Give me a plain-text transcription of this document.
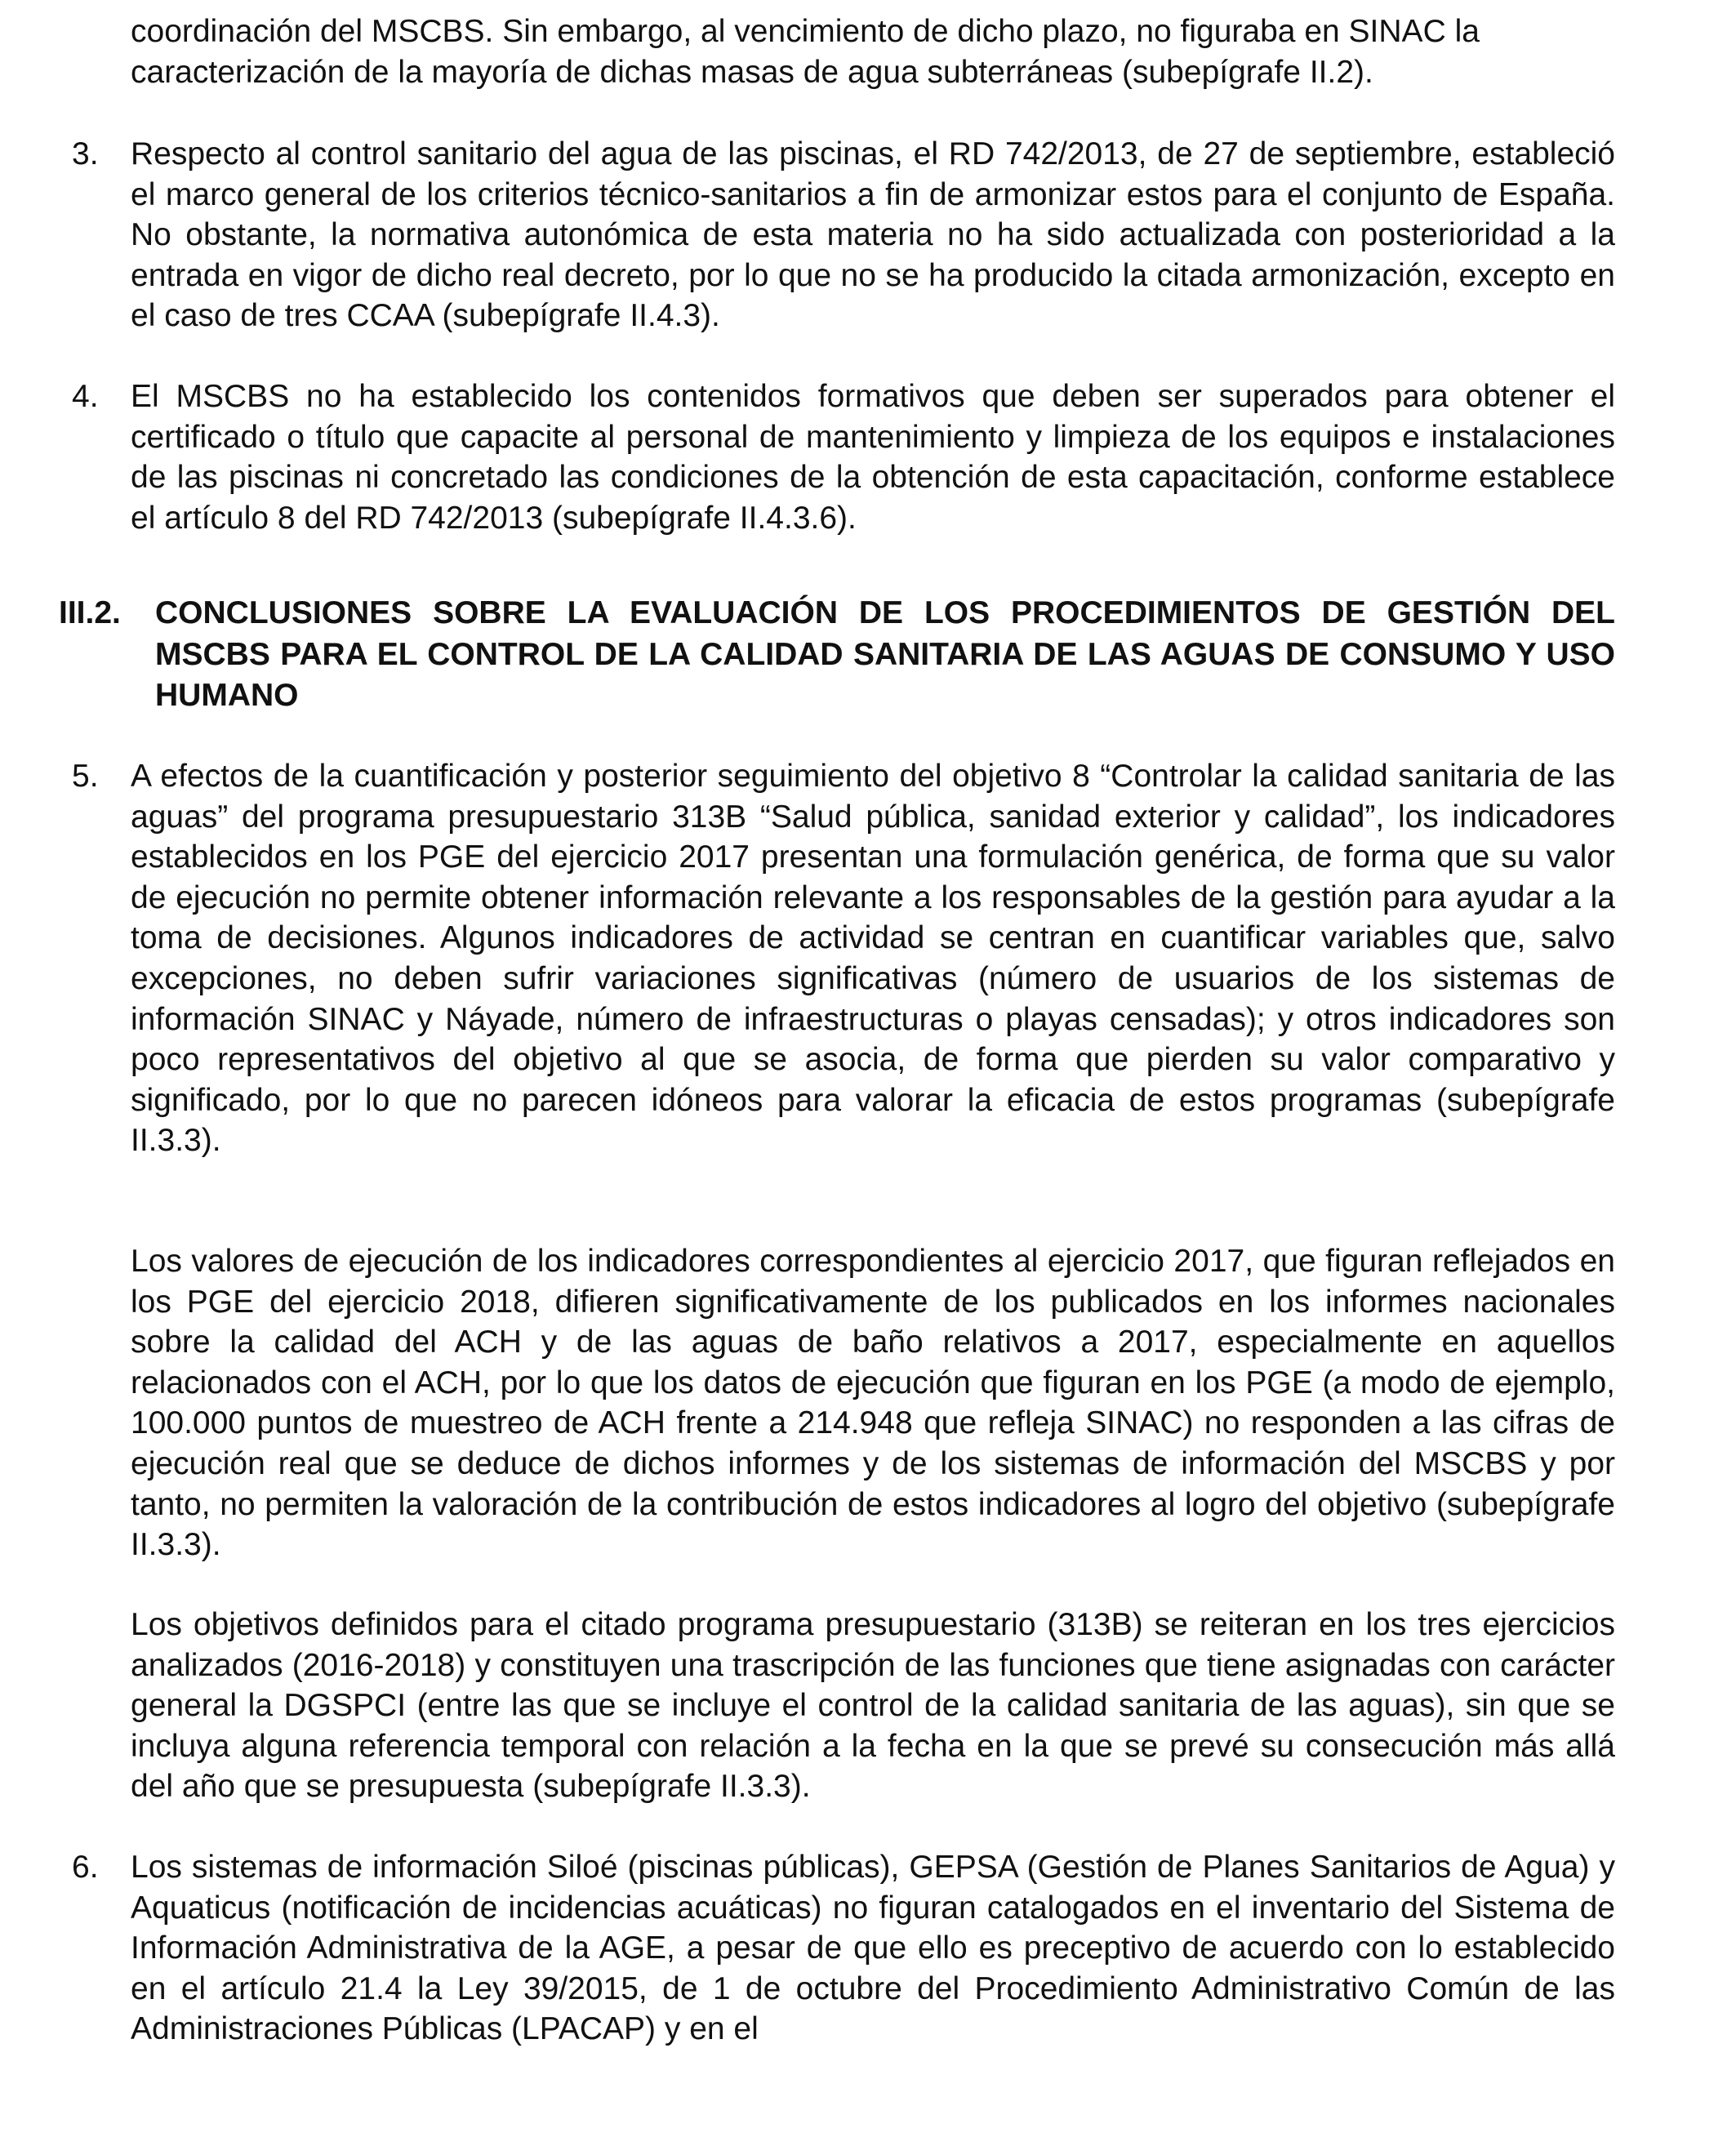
coordinación del MSCBS. Sin embargo, al vencimiento de dicho plazo, no figuraba en SINAC la caracterización de la mayoría de dichas masas de agua subterráneas (subepígrafe II.2).

3.	Respecto al control sanitario del agua de las piscinas, el RD 742/2013, de 27 de septiembre, estableció el marco general de los criterios técnico-sanitarios a fin de armonizar estos para el conjunto de España. No obstante, la normativa autonómica de esta materia no ha sido actualizada con posterioridad a la entrada en vigor de dicho real decreto, por lo que no se ha producido la citada armonización, excepto en el caso de tres CCAA (subepígrafe II.4.3).

4.	El MSCBS no ha establecido los contenidos formativos que deben ser superados para obtener el certificado o título que capacite al personal de mantenimiento y limpieza de los equipos e instalaciones de las piscinas ni concretado las condiciones de la obtención de esta capacitación, conforme establece el artículo 8 del RD 742/2013 (subepígrafe II.4.3.6).

III.2. CONCLUSIONES SOBRE LA EVALUACIÓN DE LOS PROCEDIMIENTOS DE GESTIÓN DEL MSCBS PARA EL CONTROL DE LA CALIDAD SANITARIA DE LAS AGUAS DE CONSUMO Y USO HUMANO

5.	A efectos de la cuantificación y posterior seguimiento del objetivo 8 “Controlar la calidad sanitaria de las aguas” del programa presupuestario 313B “Salud pública, sanidad exterior y calidad”, los indicadores establecidos en los PGE del ejercicio 2017 presentan una formulación genérica, de forma que su valor de ejecución no permite obtener información relevante a los responsables de la gestión para ayudar a la toma de decisiones. Algunos indicadores de actividad se centran en cuantificar variables que, salvo excepciones, no deben sufrir variaciones significativas (número de usuarios de los sistemas de información SINAC y Náyade, número de infraestructuras o playas censadas); y otros indicadores son poco representativos del objetivo al que se asocia, de forma que pierden su valor comparativo y significado, por lo que no parecen idóneos para valorar la eficacia de estos programas (subepígrafe II.3.3).

Los valores de ejecución de los indicadores correspondientes al ejercicio 2017, que figuran reflejados en los PGE del ejercicio 2018, difieren significativamente de los publicados en los informes nacionales sobre la calidad del ACH y de las aguas de baño relativos a 2017, especialmente en aquellos relacionados con el ACH, por lo que los datos de ejecución que figuran en los PGE (a modo de ejemplo, 100.000 puntos de muestreo de ACH frente a 214.948 que refleja SINAC) no responden a las cifras de ejecución real que se deduce de dichos informes y de los sistemas de información del MSCBS y por tanto, no permiten la valoración de la contribución de estos indicadores al logro del objetivo (subepígrafe II.3.3).

Los objetivos definidos para el citado programa presupuestario (313B) se reiteran en los tres ejercicios analizados (2016-2018) y constituyen una trascripción de las funciones que tiene asignadas con carácter general la DGSPCI (entre las que se incluye el control de la calidad sanitaria de las aguas), sin que se incluya alguna referencia temporal con relación a la fecha en la que se prevé su consecución más allá del año que se presupuesta (subepígrafe II.3.3).

6.	Los sistemas de información Siloé (piscinas públicas), GEPSA (Gestión de Planes Sanitarios de Agua) y Aquaticus (notificación de incidencias acuáticas) no figuran catalogados en el inventario del Sistema de Información Administrativa de la AGE, a pesar de que ello es preceptivo de acuerdo con lo establecido en el artículo 21.4 la Ley 39/2015, de 1 de octubre del Procedimiento Administrativo Común de las Administraciones Públicas (LPACAP) y en el
